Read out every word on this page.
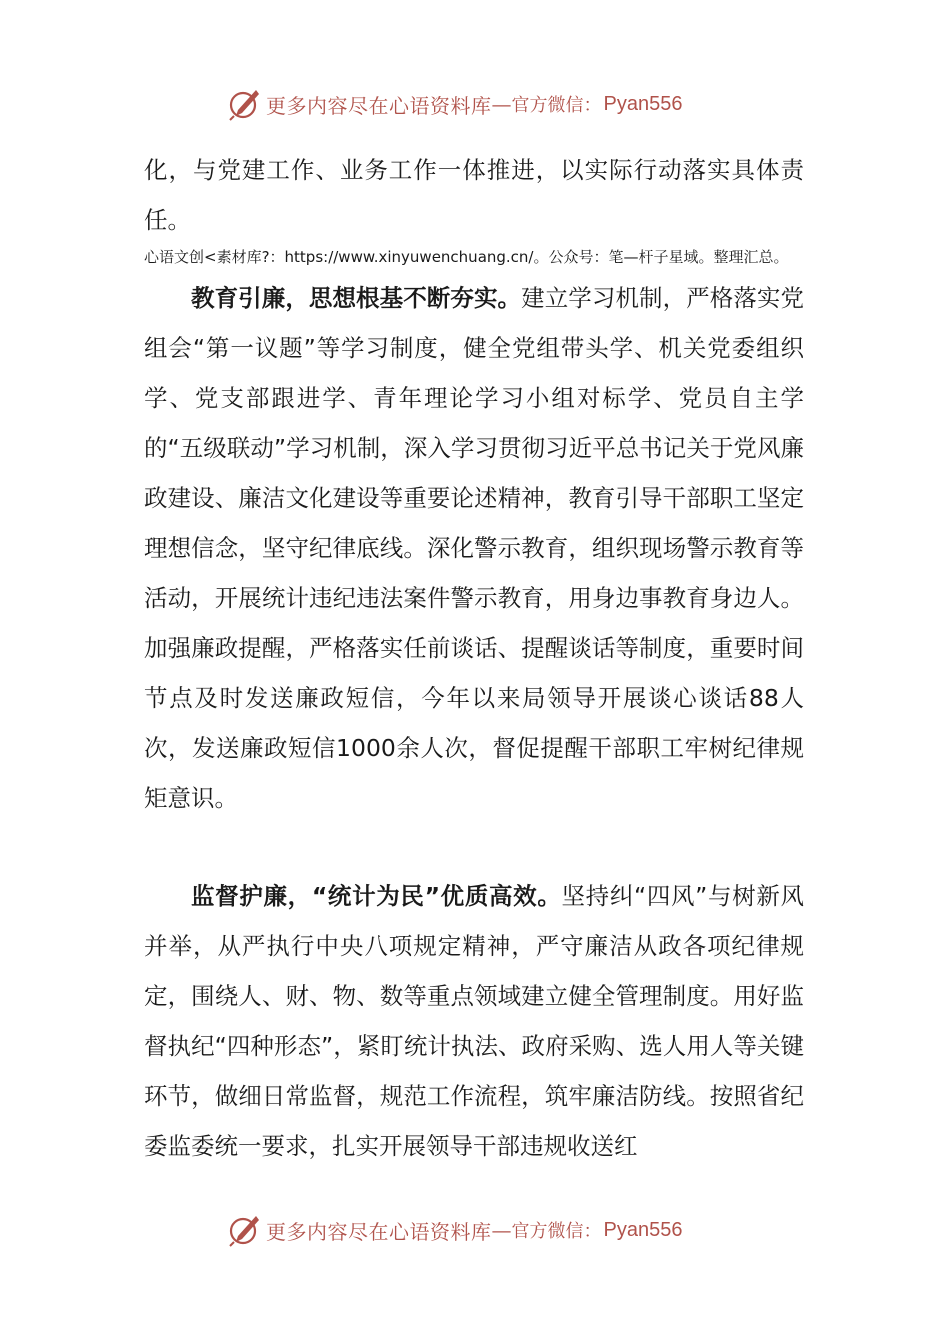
更多内容尽在心语资料库 — 官方微信： Pyan556

化，与党建工作、业务工作一体推进，以实际行动落实具体责任。

心语文创<素材库?：https://www.xinyuwenchuang.cn/。公众号：笔—杆子星域。整理汇总。

教育引廉，思想根基不断夯实。建立学习机制，严格落实党组会“第一议题”等学习制度，健全党组带头学、机关党委组织学、党支部跟进学、青年理论学习小组对标学、党员自主学的“五级联动”学习机制，深入学习贯彻习近平总书记关于党风廉政建设、廉洁文化建设等重要论述精神，教育引导干部职工坚定理想信念，坚守纪律底线。深化警示教育，组织现场警示教育等活动，开展统计违纪违法案件警示教育，用身边事教育身边人。加强廉政提醒，严格落实任前谈话、提醒谈话等制度，重要时间节点及时发送廉政短信，今年以来局领导开展谈心谈话88人次，发送廉政短信1000余人次，督促提醒干部职工牢树纪律规矩意识。

监督护廉，“统计为民”优质高效。坚持纠“四风”与树新风并举，从严执行中央八项规定精神，严守廉洁从政各项纪律规定，围绕人、财、物、数等重点领域建立健全管理制度。用好监督执纪“四种形态”，紧盯统计执法、政府采购、选人用人等关键环节，做细日常监督，规范工作流程，筑牢廉洁防线。按照省纪委监委统一要求，扎实开展领导干部违规收送红

更多内容尽在心语资料库 — 官方微信： Pyan556
